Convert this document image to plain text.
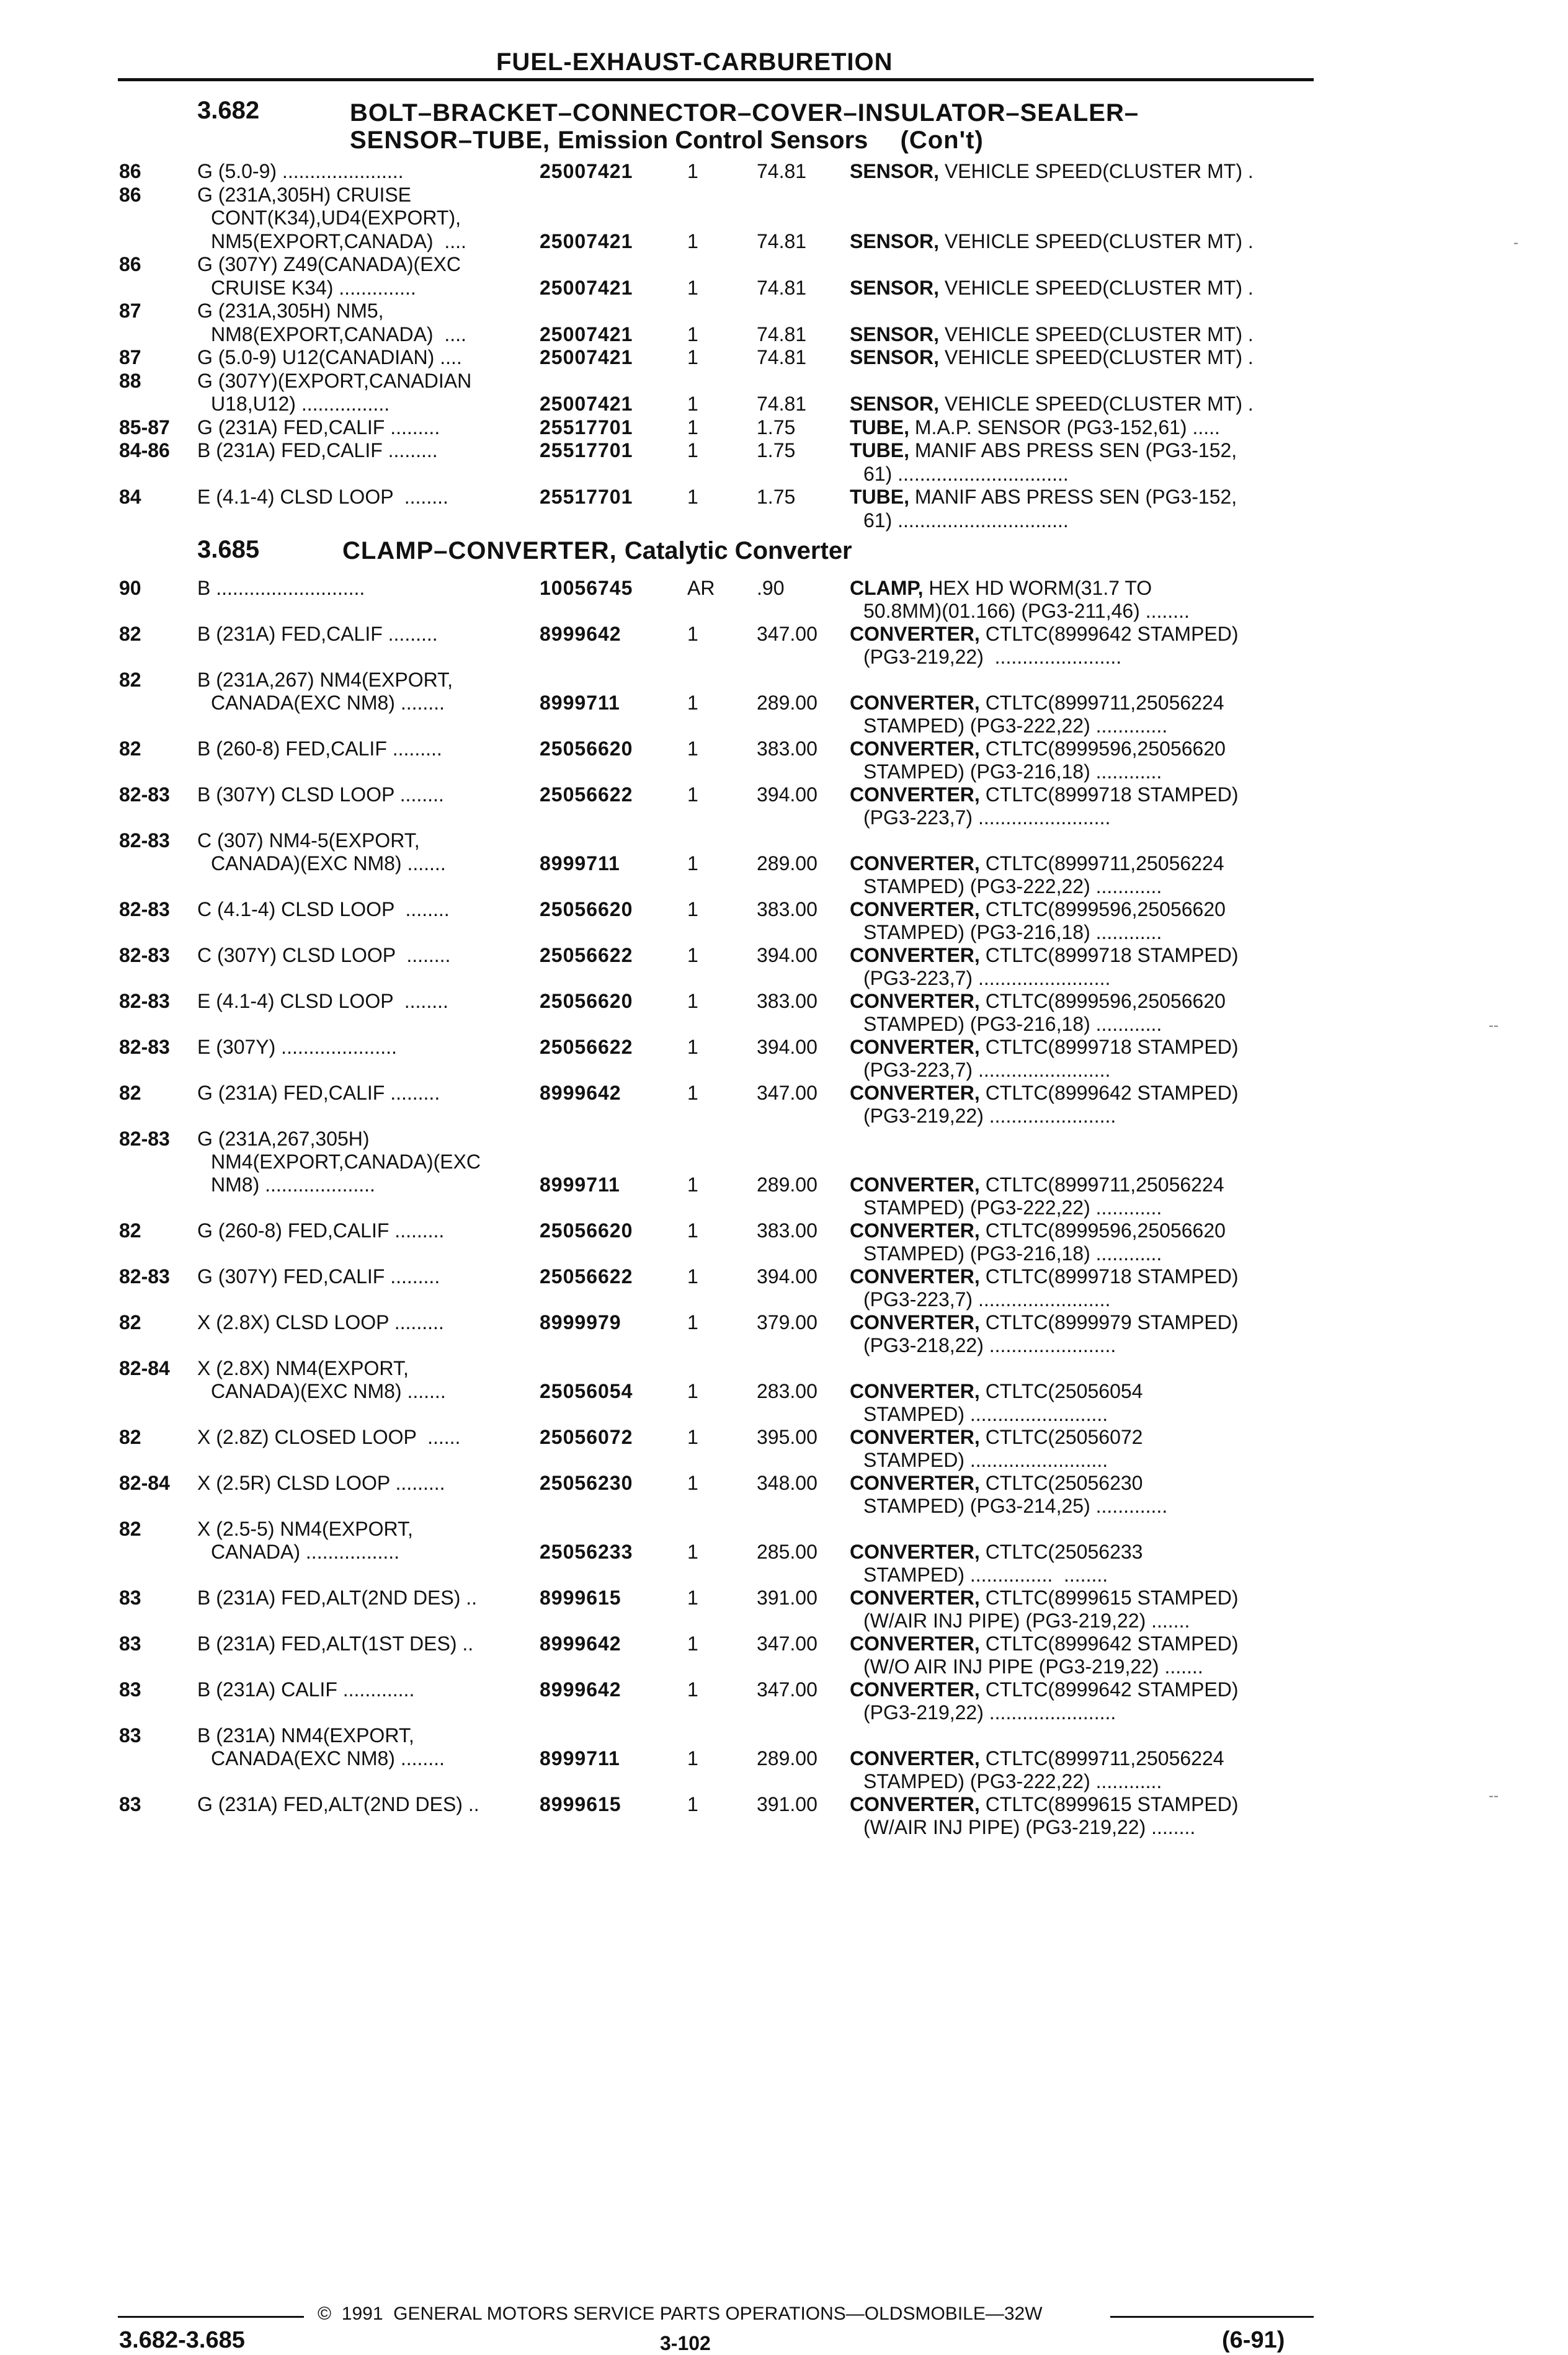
FUEL-EXHAUST-CARBURETION
3.682	BOLT–BRACKET–CONNECTOR–COVER–INSULATOR–SEALER–
SENSOR–TUBE, Emission Control Sensors (Con't)
3.685	CLAMP–CONVERTER, Catalytic Converter
86	G (5.0-9) ......................	25007421	1	74.81 SENSOR, VEHICLE SPEED(CLUSTER MT) .
86	G (231A,305H) CRUISE
CONT(K34),UD4(EXPORT),
NM5(EXPORT,CANADA)  ....	25007421	1	74.81 SENSOR, VEHICLE SPEED(CLUSTER MT) .
86	G (307Y) Z49(CANADA)(EXC
CRUISE K34) ..............	25007421	1	74.81 SENSOR, VEHICLE SPEED(CLUSTER MT) .
87	G (231A,305H) NM5,
NM8(EXPORT,CANADA)  ....	25007421	1	74.81 SENSOR, VEHICLE SPEED(CLUSTER MT) .
87	G (5.0-9) U12(CANADIAN) ....	25007421	1	74.81 SENSOR, VEHICLE SPEED(CLUSTER MT) .
88	G (307Y)(EXPORT,CANADIAN
U18,U12) ................	25007421	1	74.81 SENSOR, VEHICLE SPEED(CLUSTER MT) .
85-87 G (231A) FED,CALIF .........	25517701	1	1.75	TUBE, M.A.P. SENSOR (PG3-152,61) .....
84-86 B (231A) FED,CALIF .........	25517701	1	1.75	TUBE, MANIF ABS PRESS SEN (PG3-152,
61) ...............................
84	E (4.1-4) CLSD LOOP  ........	25517701	1	1.75	TUBE, MANIF ABS PRESS SEN (PG3-152,
61) ...............................
90	B ...........................	10056745	AR .90	CLAMP, HEX HD WORM(31.7 TO
50.8MM)(01.166) (PG3-211,46) ........
82	B (231A) FED,CALIF .........	8999642	1	347.00 CONVERTER, CTLTC(8999642 STAMPED)
(PG3-219,22)  .......................
82	B (231A,267) NM4(EXPORT,
CANADA(EXC NM8) ........	8999711	1	289.00 CONVERTER, CTLTC(8999711,25056224
STAMPED) (PG3-222,22) .............
82	B (260-8) FED,CALIF .........	25056620	1	383.00 CONVERTER, CTLTC(8999596,25056620
STAMPED) (PG3-216,18) ............
82-83 B (307Y) CLSD LOOP ........	25056622	1	394.00 CONVERTER, CTLTC(8999718 STAMPED)
(PG3-223,7) ........................
82-83 C (307) NM4-5(EXPORT,
CANADA)(EXC NM8) .......	8999711	1	289.00 CONVERTER, CTLTC(8999711,25056224
STAMPED) (PG3-222,22) ............
82-83 C (4.1-4) CLSD LOOP  ........	25056620	1	383.00 CONVERTER, CTLTC(8999596,25056620
STAMPED) (PG3-216,18) ............
82-83 C (307Y) CLSD LOOP  ........	25056622	1	394.00 CONVERTER, CTLTC(8999718 STAMPED)
(PG3-223,7) ........................
82-83 E (4.1-4) CLSD LOOP  ........	25056620	1	383.00 CONVERTER, CTLTC(8999596,25056620
STAMPED) (PG3-216,18) ............
82-83 E (307Y) .....................	25056622	1	394.00 CONVERTER, CTLTC(8999718 STAMPED)
(PG3-223,7) ........................
82	G (231A) FED,CALIF .........	8999642	1	347.00 CONVERTER, CTLTC(8999642 STAMPED)
(PG3-219,22) .......................
82-83 G (231A,267,305H)
NM4(EXPORT,CANADA)(EXC
NM8) ....................	8999711	1	289.00 CONVERTER, CTLTC(8999711,25056224
STAMPED) (PG3-222,22) ............
82	G (260-8) FED,CALIF .........	25056620	1	383.00 CONVERTER, CTLTC(8999596,25056620
STAMPED) (PG3-216,18) ............
82-83 G (307Y) FED,CALIF .........	25056622	1	394.00 CONVERTER, CTLTC(8999718 STAMPED)
(PG3-223,7) ........................
82	X (2.8X) CLSD LOOP .........	8999979	1	379.00 CONVERTER, CTLTC(8999979 STAMPED)
(PG3-218,22) .......................
82-84 X (2.8X) NM4(EXPORT,
CANADA)(EXC NM8) .......	25056054	1	283.00 CONVERTER, CTLTC(25056054
STAMPED) .........................
82	X (2.8Z) CLOSED LOOP  ......	25056072	1	395.00 CONVERTER, CTLTC(25056072
STAMPED) .........................
82-84 X (2.5R) CLSD LOOP .........	25056230	1	348.00 CONVERTER, CTLTC(25056230
STAMPED) (PG3-214,25) .............
82	X (2.5-5) NM4(EXPORT,
CANADA) .................	25056233	1	285.00 CONVERTER, CTLTC(25056233
STAMPED) ...............  ........
83	B (231A) FED,ALT(2ND DES) ..	8999615	1	391.00 CONVERTER, CTLTC(8999615 STAMPED)
(W/AIR INJ PIPE) (PG3-219,22) .......
83	B (231A) FED,ALT(1ST DES) ..	8999642	1	347.00 CONVERTER, CTLTC(8999642 STAMPED)
(W/O AIR INJ PIPE (PG3-219,22) .......
83	B (231A) CALIF .............	8999642	1	347.00 CONVERTER, CTLTC(8999642 STAMPED)
(PG3-219,22) .......................
83	B (231A) NM4(EXPORT,
CANADA(EXC NM8) ........	8999711	1	289.00 CONVERTER, CTLTC(8999711,25056224
STAMPED) (PG3-222,22) ............
83	G (231A) FED,ALT(2ND DES) ..	8999615	1	391.00 CONVERTER, CTLTC(8999615 STAMPED)
(W/AIR INJ PIPE) (PG3-219,22) ........
©  1991  GENERAL MOTORS SERVICE PARTS OPERATIONS—OLDSMOBILE—32W
3.682-3.685	3-102	(6-91)
-
--
--
